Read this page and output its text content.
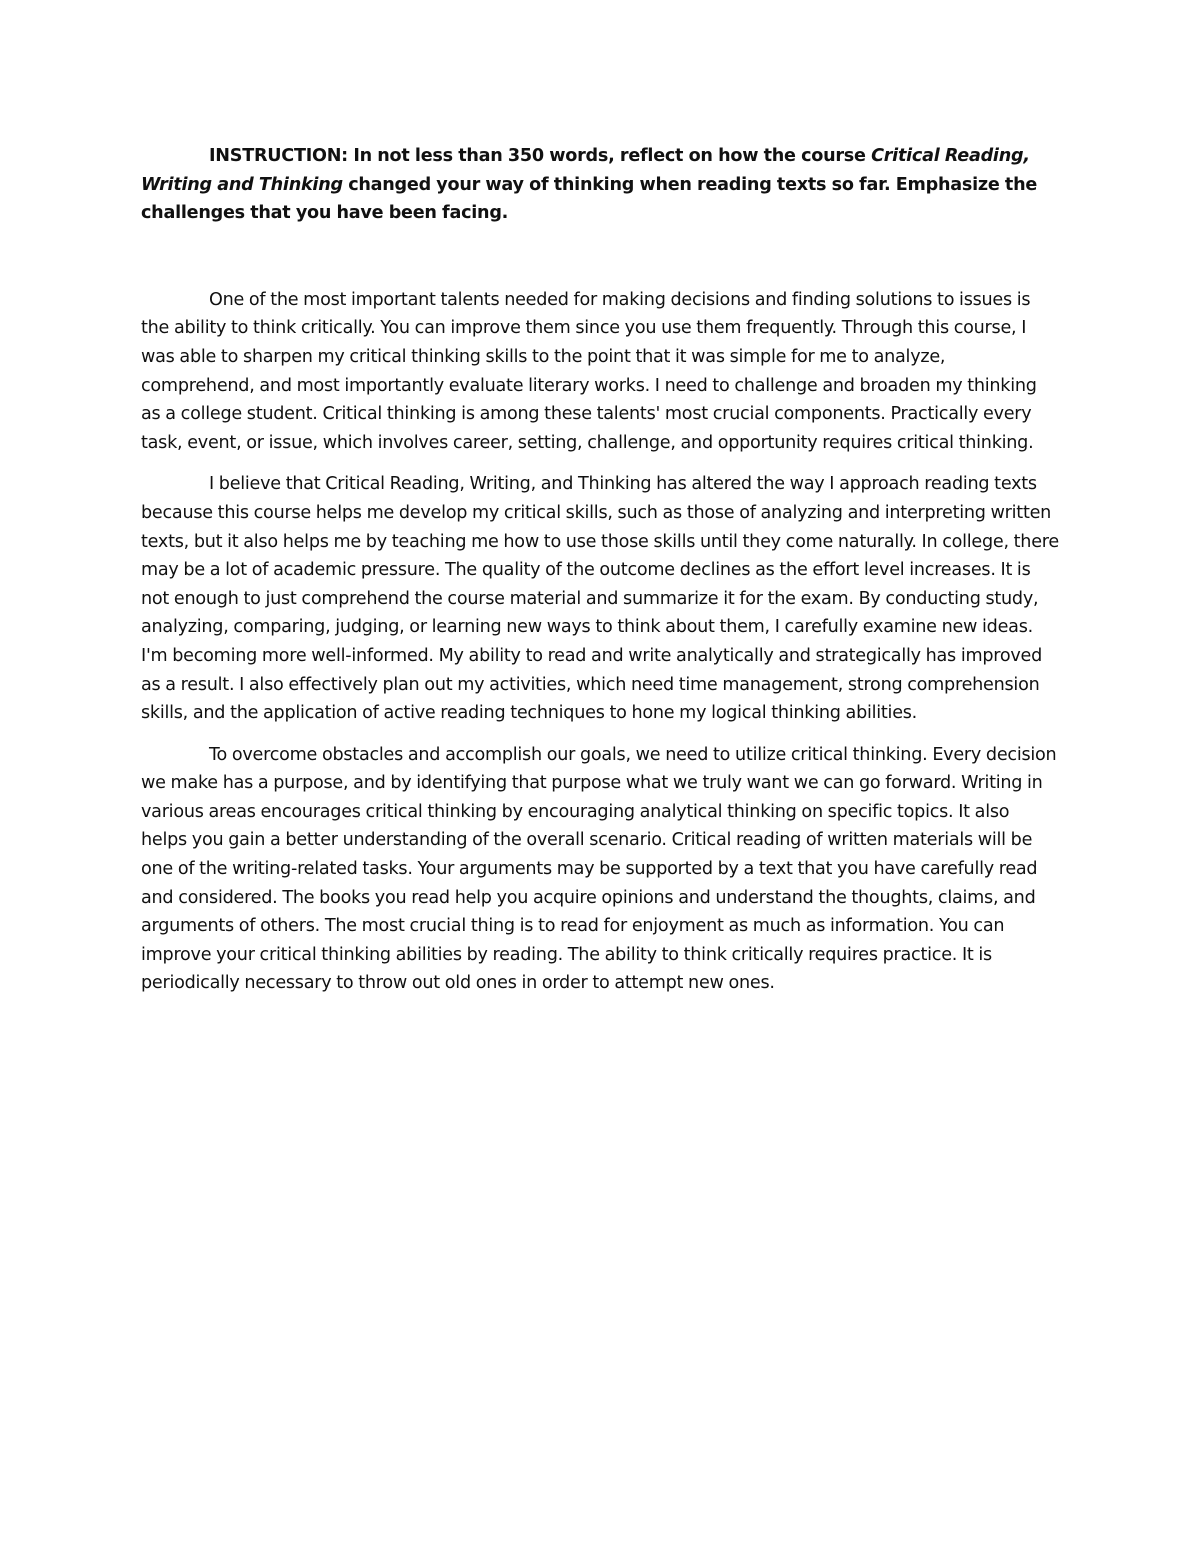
INSTRUCTION: In not less than 350 words, reflect on how the course Critical Reading, Writing and Thinking changed your way of thinking when reading texts so far. Emphasize the challenges that you have been facing.

One of the most important talents needed for making decisions and finding solutions to issues is the ability to think critically. You can improve them since you use them frequently. Through this course, I was able to sharpen my critical thinking skills to the point that it was simple for me to analyze, comprehend, and most importantly evaluate literary works. I need to challenge and broaden my thinking as a college student. Critical thinking is among these talents' most crucial components. Practically every task, event, or issue, which involves career, setting, challenge, and opportunity requires critical thinking.

I believe that Critical Reading, Writing, and Thinking has altered the way I approach reading texts because this course helps me develop my critical skills, such as those of analyzing and interpreting written texts, but it also helps me by teaching me how to use those skills until they come naturally. In college, there may be a lot of academic pressure. The quality of the outcome declines as the effort level increases. It is not enough to just comprehend the course material and summarize it for the exam. By conducting study, analyzing, comparing, judging, or learning new ways to think about them, I carefully examine new ideas. I'm becoming more well-informed. My ability to read and write analytically and strategically has improved as a result. I also effectively plan out my activities, which need time management, strong comprehension skills, and the application of active reading techniques to hone my logical thinking abilities.

To overcome obstacles and accomplish our goals, we need to utilize critical thinking. Every decision we make has a purpose, and by identifying that purpose what we truly want we can go forward. Writing in various areas encourages critical thinking by encouraging analytical thinking on specific topics. It also helps you gain a better understanding of the overall scenario. Critical reading of written materials will be one of the writing-related tasks. Your arguments may be supported by a text that you have carefully read and considered. The books you read help you acquire opinions and understand the thoughts, claims, and arguments of others. The most crucial thing is to read for enjoyment as much as information. You can improve your critical thinking abilities by reading. The ability to think critically requires practice. It is periodically necessary to throw out old ones in order to attempt new ones.
